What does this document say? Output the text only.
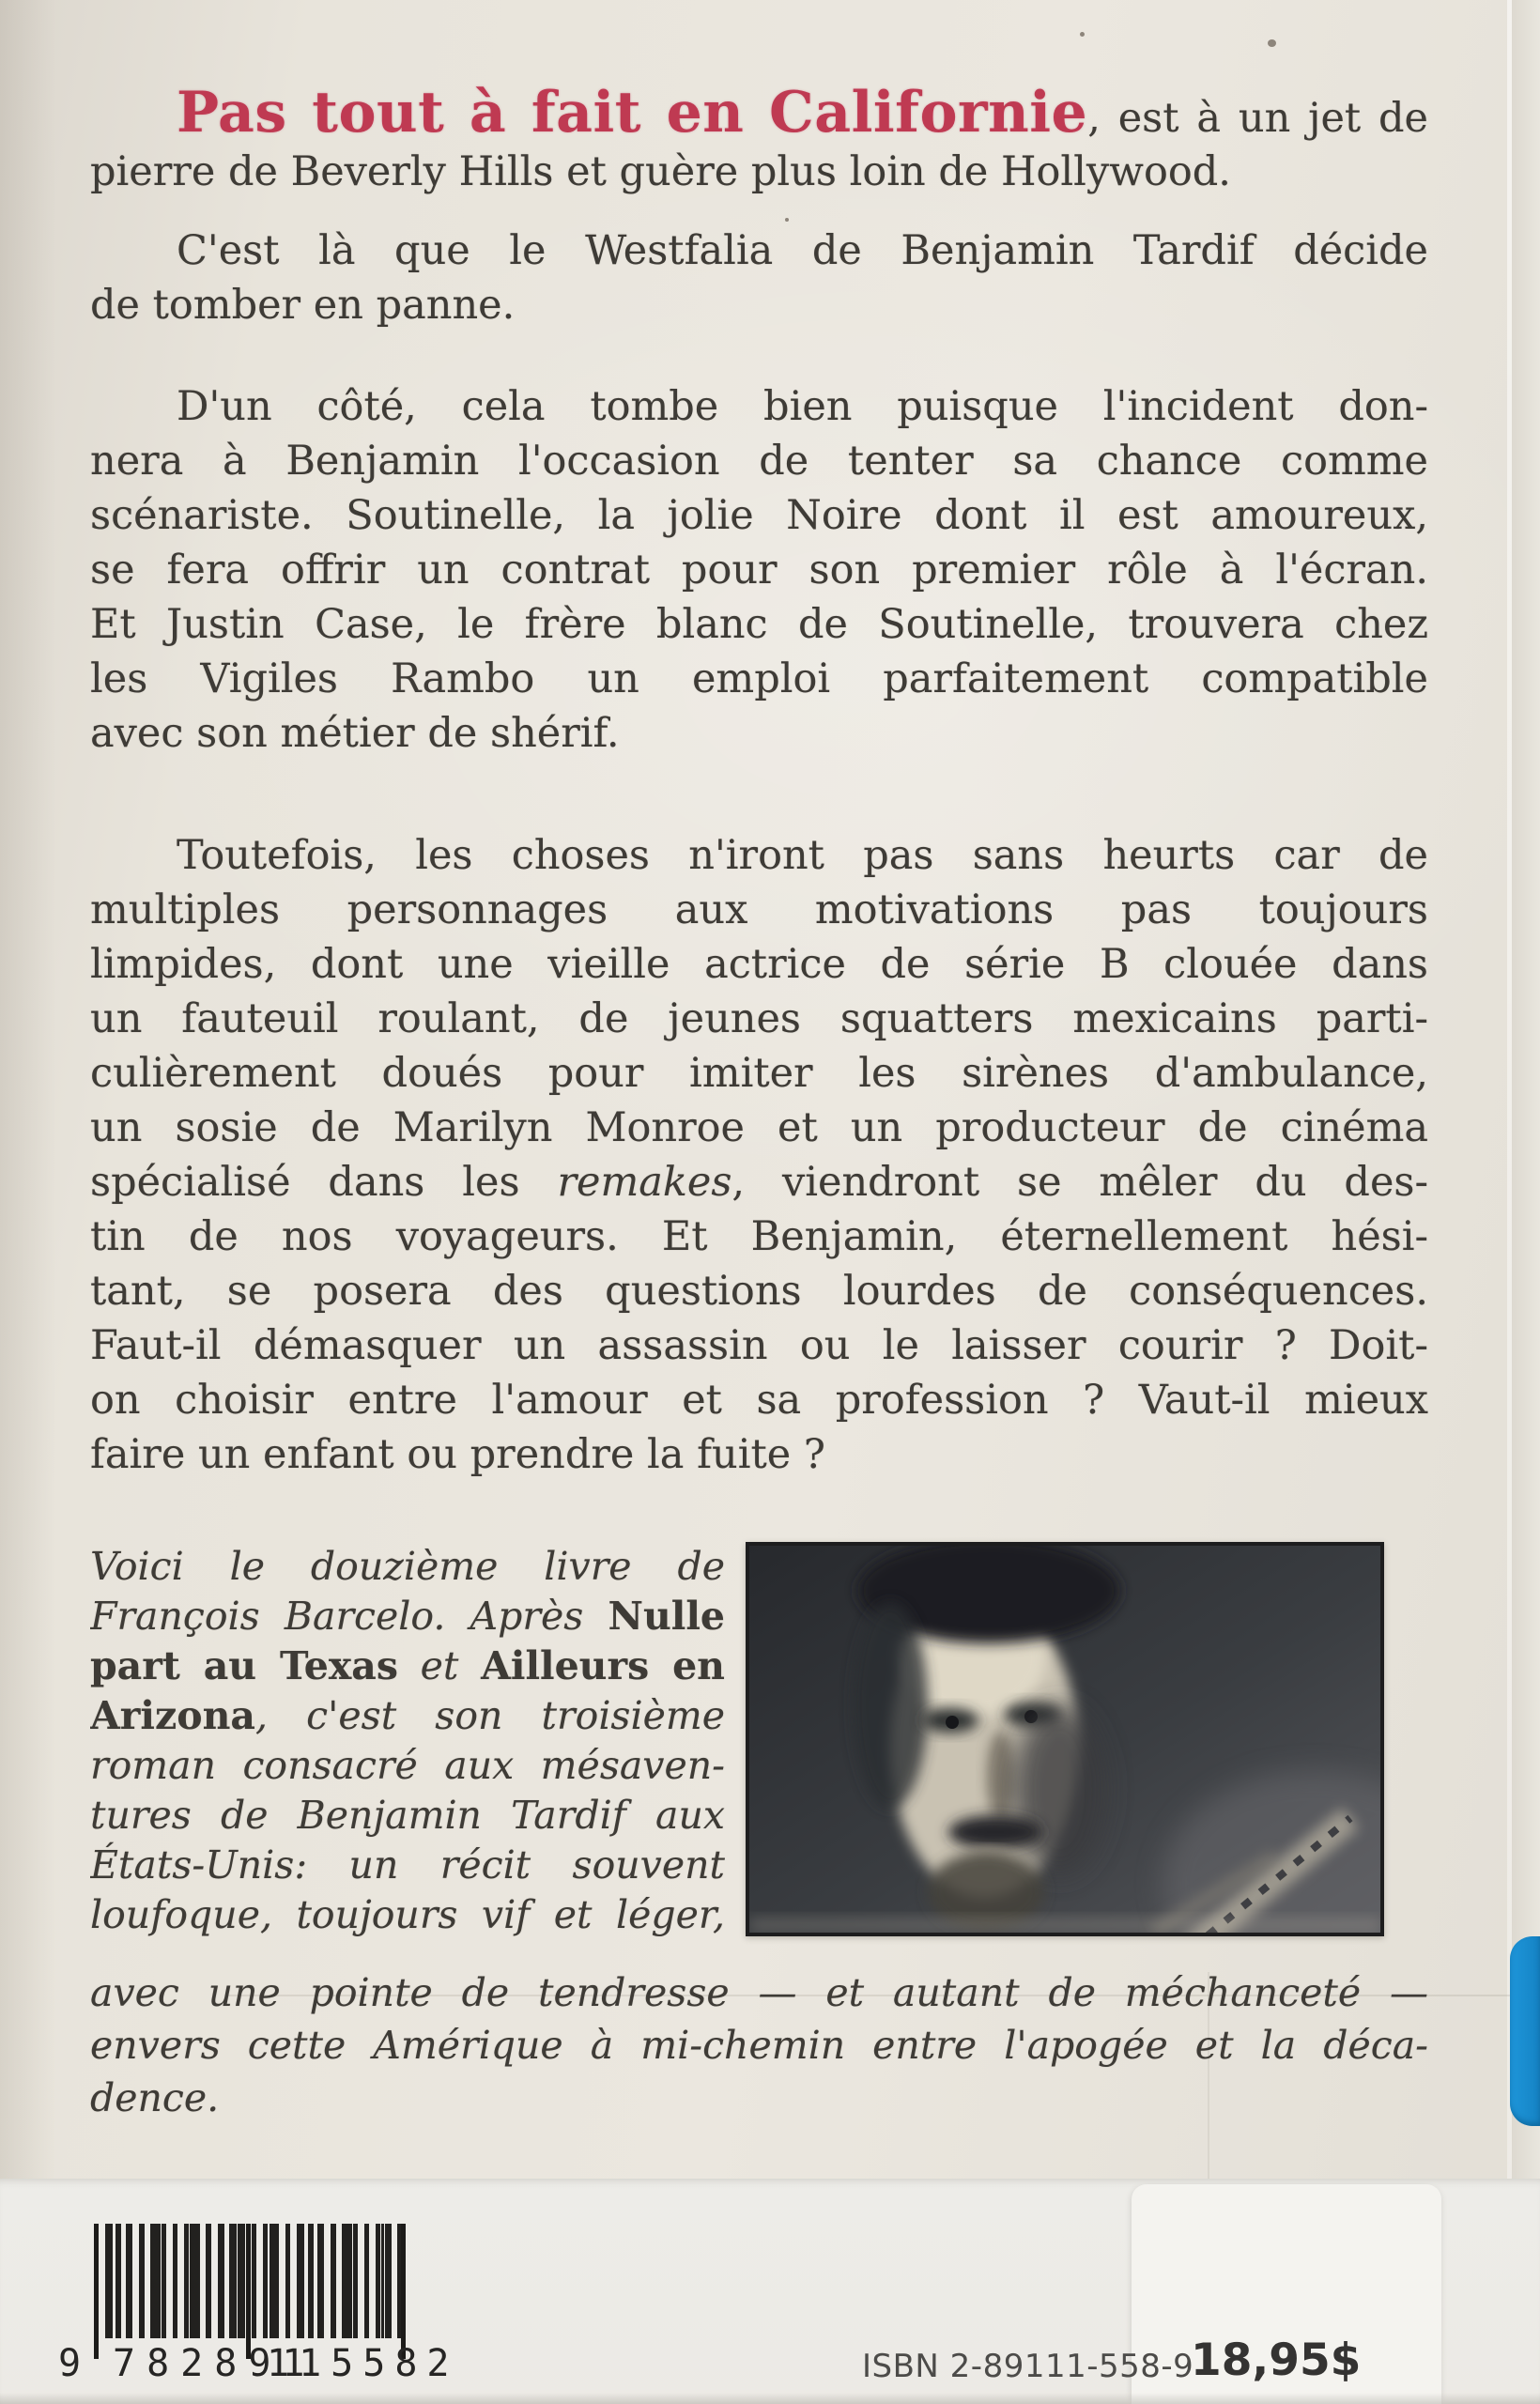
Pas tout à fait en Californie, est à un jet de
pierre de Beverly Hills et guère plus loin de Hollywood.
C'est là que le Westfalia de Benjamin Tardif décide
de tomber en panne.
D'un côté, cela tombe bien puisque l'incident don-
nera à Benjamin l'occasion de tenter sa chance comme
scénariste. Soutinelle, la jolie Noire dont il est amoureux,
se fera offrir un contrat pour son premier rôle à l'écran.
Et Justin Case, le frère blanc de Soutinelle, trouvera chez
les Vigiles Rambo un emploi parfaitement compatible
avec son métier de shérif.
Toutefois, les choses n'iront pas sans heurts car de
multiples personnages aux motivations pas toujours
limpides, dont une vieille actrice de série B clouée dans
un fauteuil roulant, de jeunes squatters mexicains parti-
culièrement doués pour imiter les sirènes d'ambulance,
un sosie de Marilyn Monroe et un producteur de cinéma
spécialisé dans les remakes, viendront se mêler du des-
tin de nos voyageurs. Et Benjamin, éternellement hési-
tant, se posera des questions lourdes de conséquences.
Faut-il démasquer un assassin ou le laisser courir ? Doit-
on choisir entre l'amour et sa profession ? Vaut-il mieux
faire un enfant ou prendre la fuite ?
Voici le douzième livre de
François Barcelo. Après Nulle
part au Texas et Ailleurs en
Arizona, c'est son troisième
roman consacré aux mésaven-
tures de Benjamin Tardif aux
États-Unis: un récit souvent
loufoque, toujours vif et léger,
avec une pointe de tendresse — et autant de méchanceté —
envers cette Amérique à mi-chemin entre l'apogée et la déca-
dence.
9 782891
115582	ISBN 2-89111-558-9
18,95$
